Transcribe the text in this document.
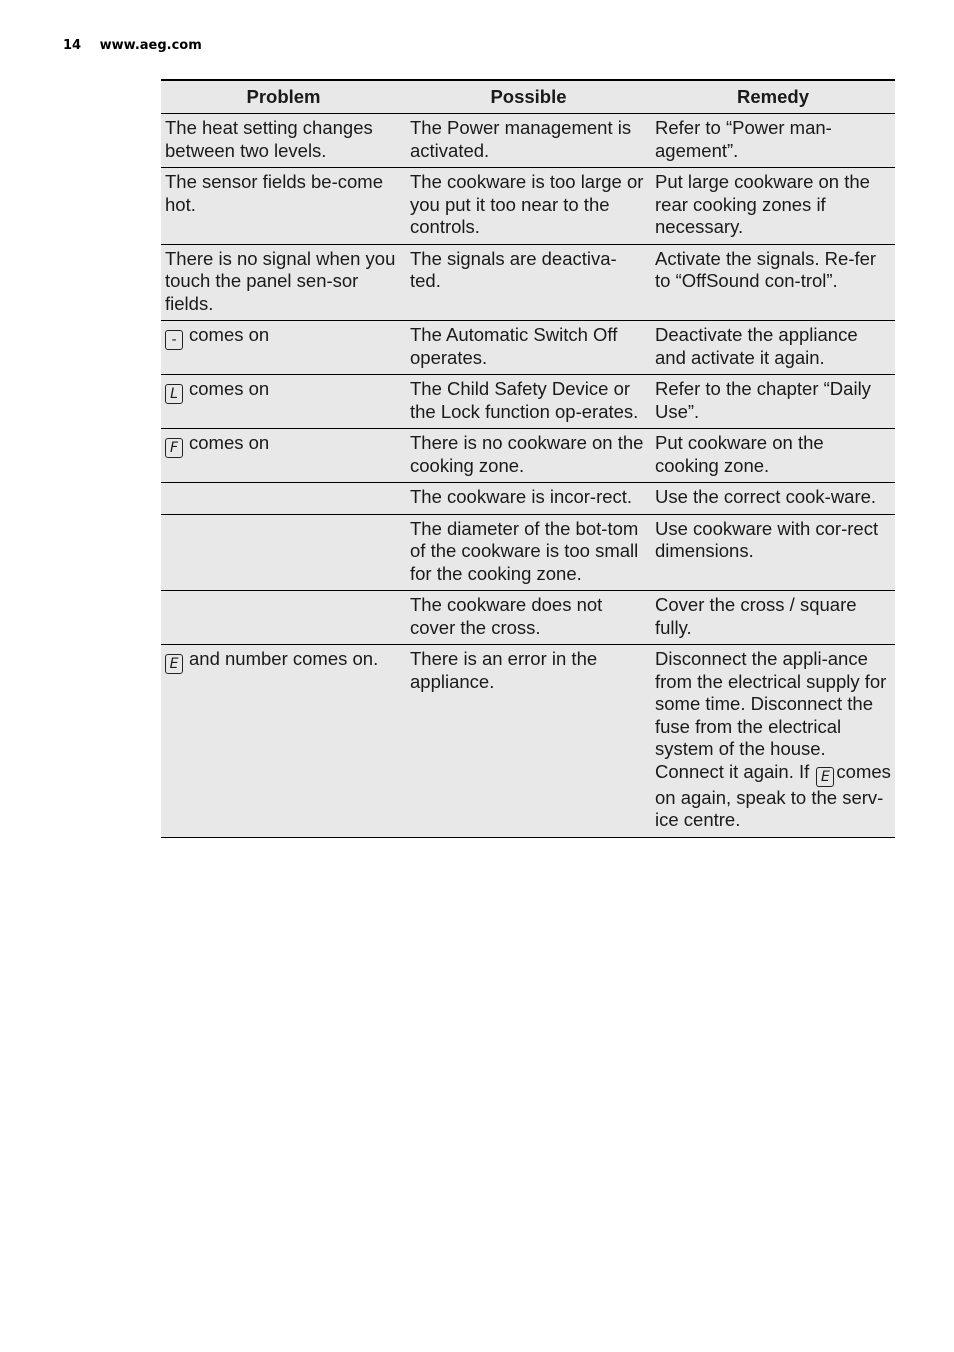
14 www.aeg.com
Problem	Possible	Remedy
The heat setting changes between two levels.	The Power management is activated.	Refer to “Power man-agement”.
The sensor fields be-come hot.	The cookware is too large or you put it too near to the controls.	Put large cookware on the rear cooking zones if necessary.
There is no signal when you touch the panel sen-sor fields.	The signals are deactiva-ted.	Activate the signals. Re-fer to “OffSound con-trol”.
- comes on	The Automatic Switch Off operates.	Deactivate the appliance and activate it again.
L comes on	The Child Safety Device or the Lock function op-erates.	Refer to the chapter “Daily Use”.
F comes on	There is no cookware on the cooking zone.	Put cookware on the cooking zone.
	The cookware is incor-rect.	Use the correct cook-ware.
	The diameter of the bot-tom of the cookware is too small for the cooking zone.	Use cookware with cor-rect dimensions.
	The cookware does not cover the cross.	Cover the cross / square fully.
E and number comes on.	There is an error in the appliance.	Disconnect the appli-ance from the electrical supply for some time. Disconnect the fuse from the electrical system of the house. Connect it again. If E comes on again, speak to the serv-ice centre.
